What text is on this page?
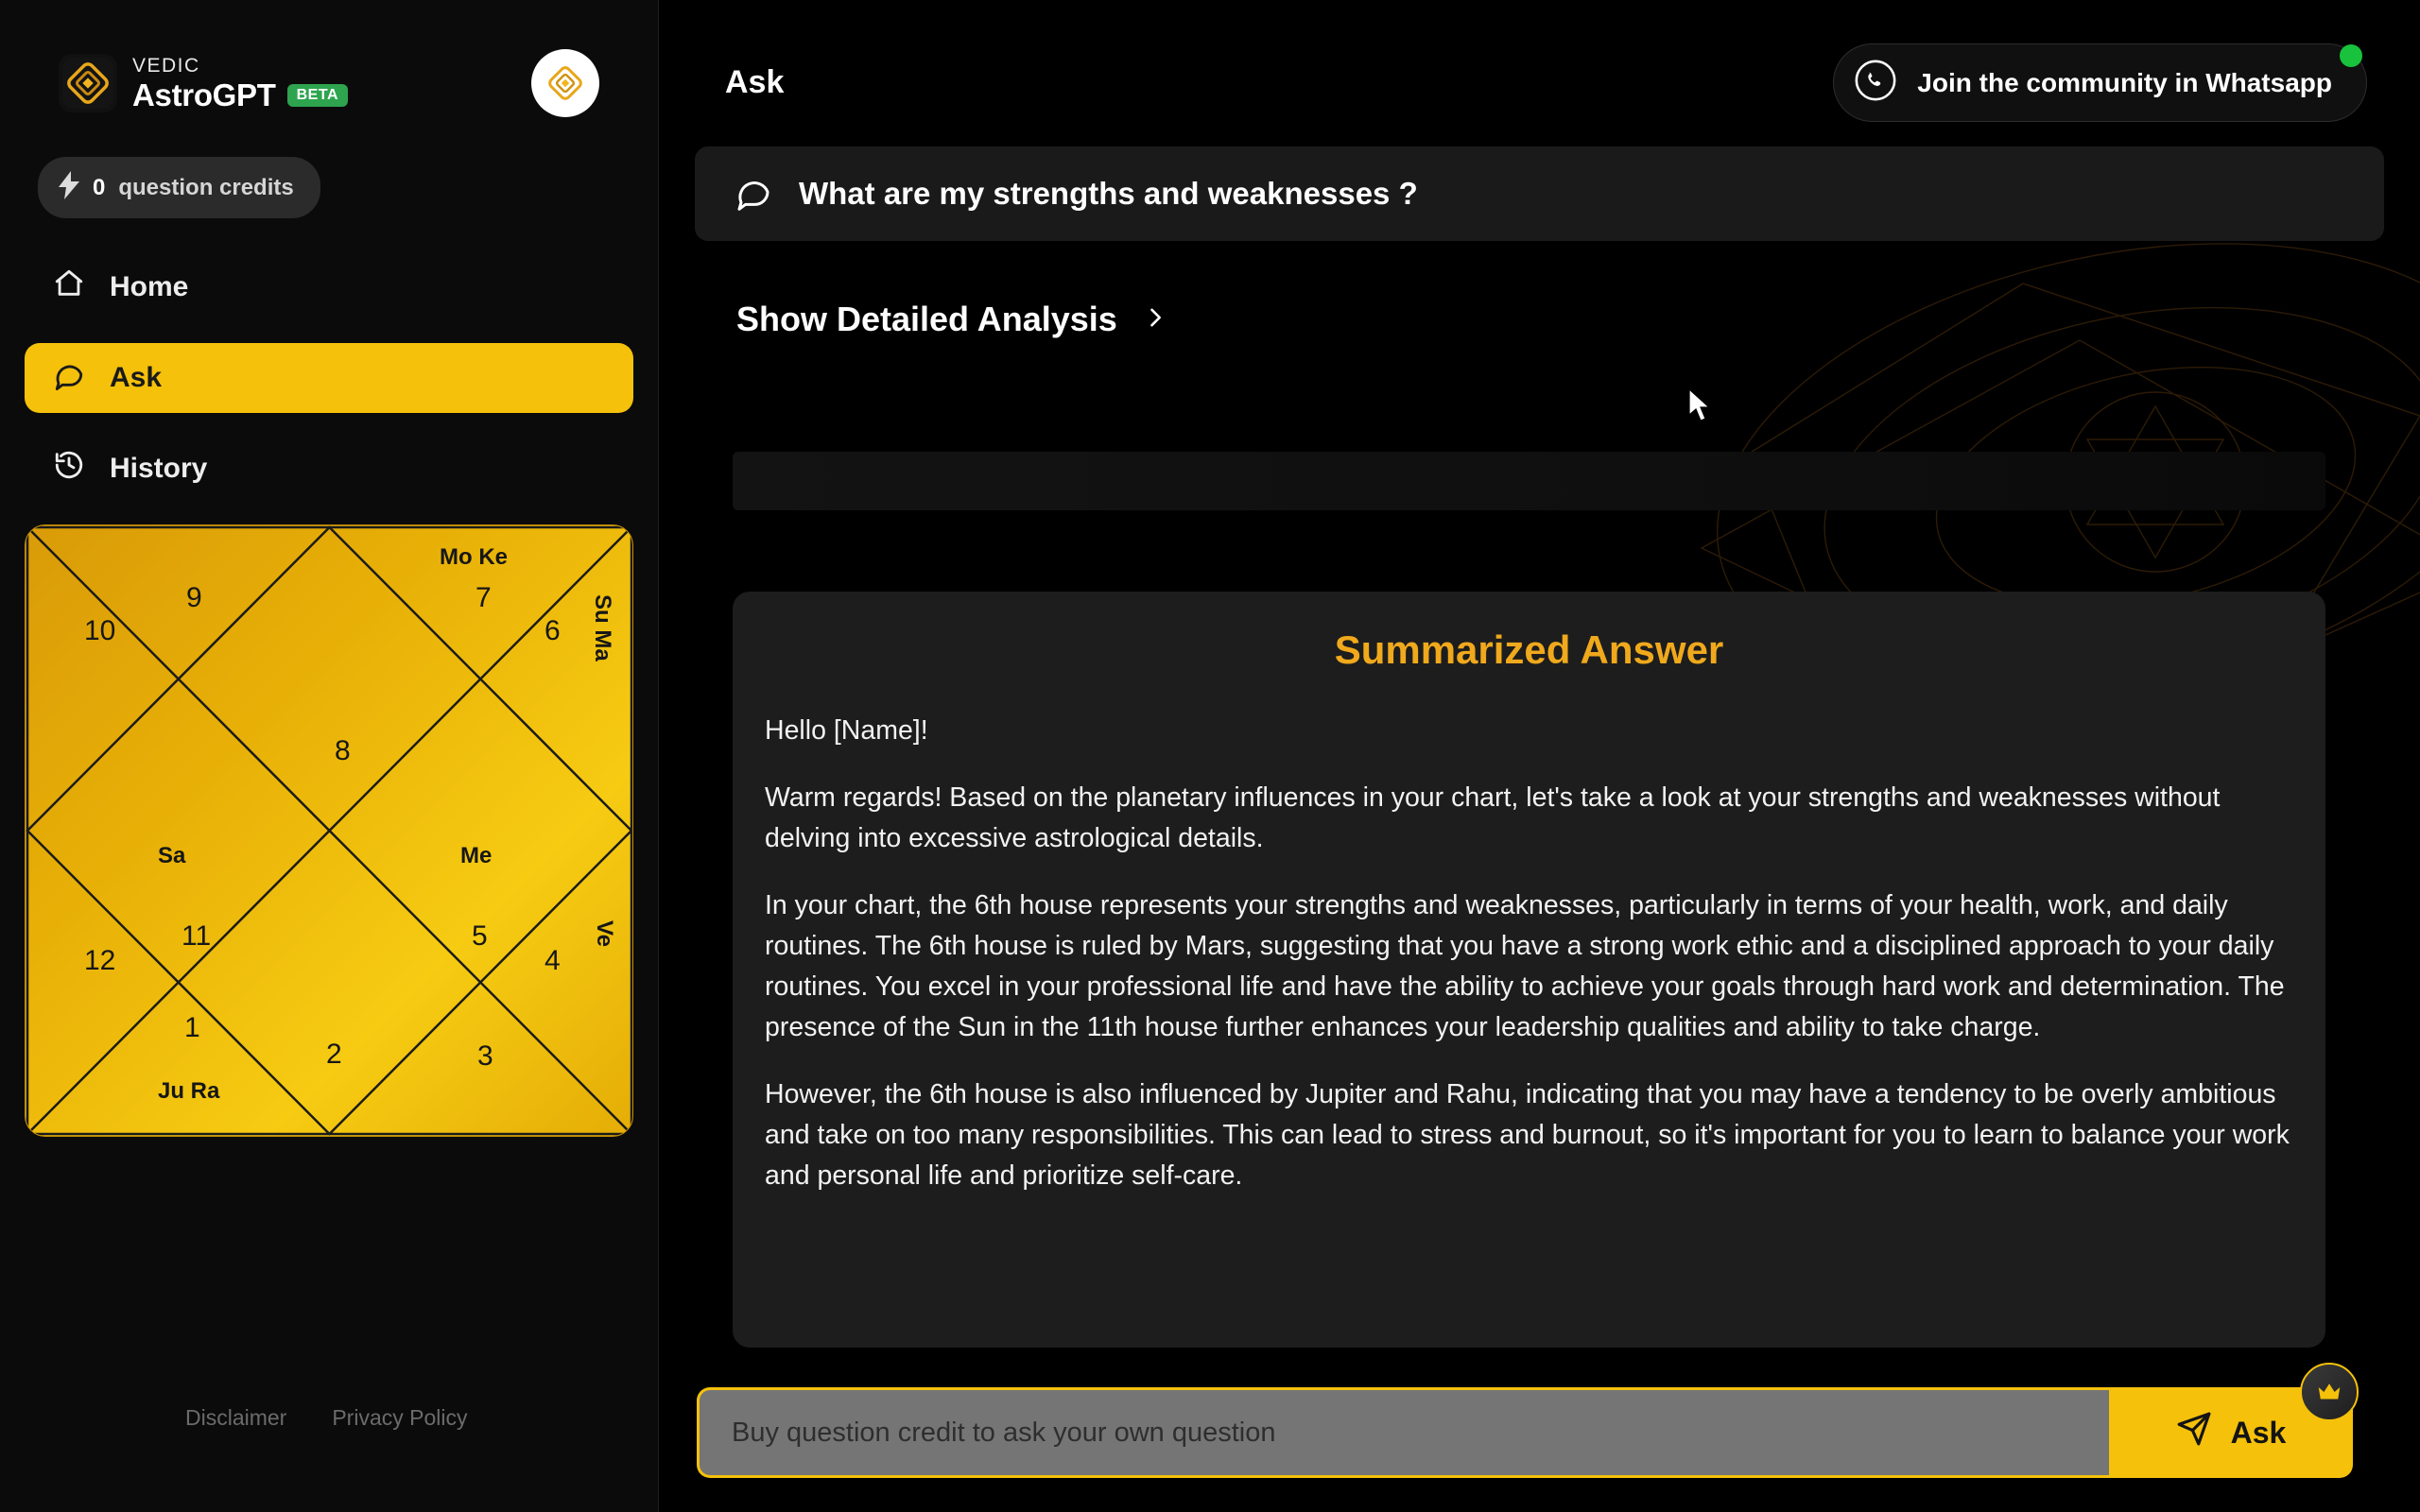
VEDIC
AstroGPT	BETA
0 question credits
Home
Ask
History
9
10
7
6
8
11
12
5
4
1
2	3
Mo Ke
Su Ma
Sa	Me
Ve
Ju Ra
Disclaimer Privacy Policy
Ask	Join the community in Whatsapp
What are my strengths and weaknesses ?
Show Detailed Analysis
Summarized Answer

Hello [Name]!

Warm regards! Based on the planetary influences in your chart, let's take a look at your strengths and weaknesses without delving into excessive astrological details.

In your chart, the 6th house represents your strengths and weaknesses, particularly in terms of your health, work, and daily routines. The 6th house is ruled by Mars, suggesting that you have a strong work ethic and a disciplined approach to your daily routines. You excel in your professional life and have the ability to achieve your goals through hard work and determination. The presence of the Sun in the 11th house further enhances your leadership qualities and ability to take charge.

However, the 6th house is also influenced by Jupiter and Rahu, indicating that you may have a tendency to be overly ambitious and take on too many responsibilities. This can lead to stress and burnout, so it's important for you to learn to balance your work and personal life and prioritize self-care.

Buy question credit to ask your own question
Ask
